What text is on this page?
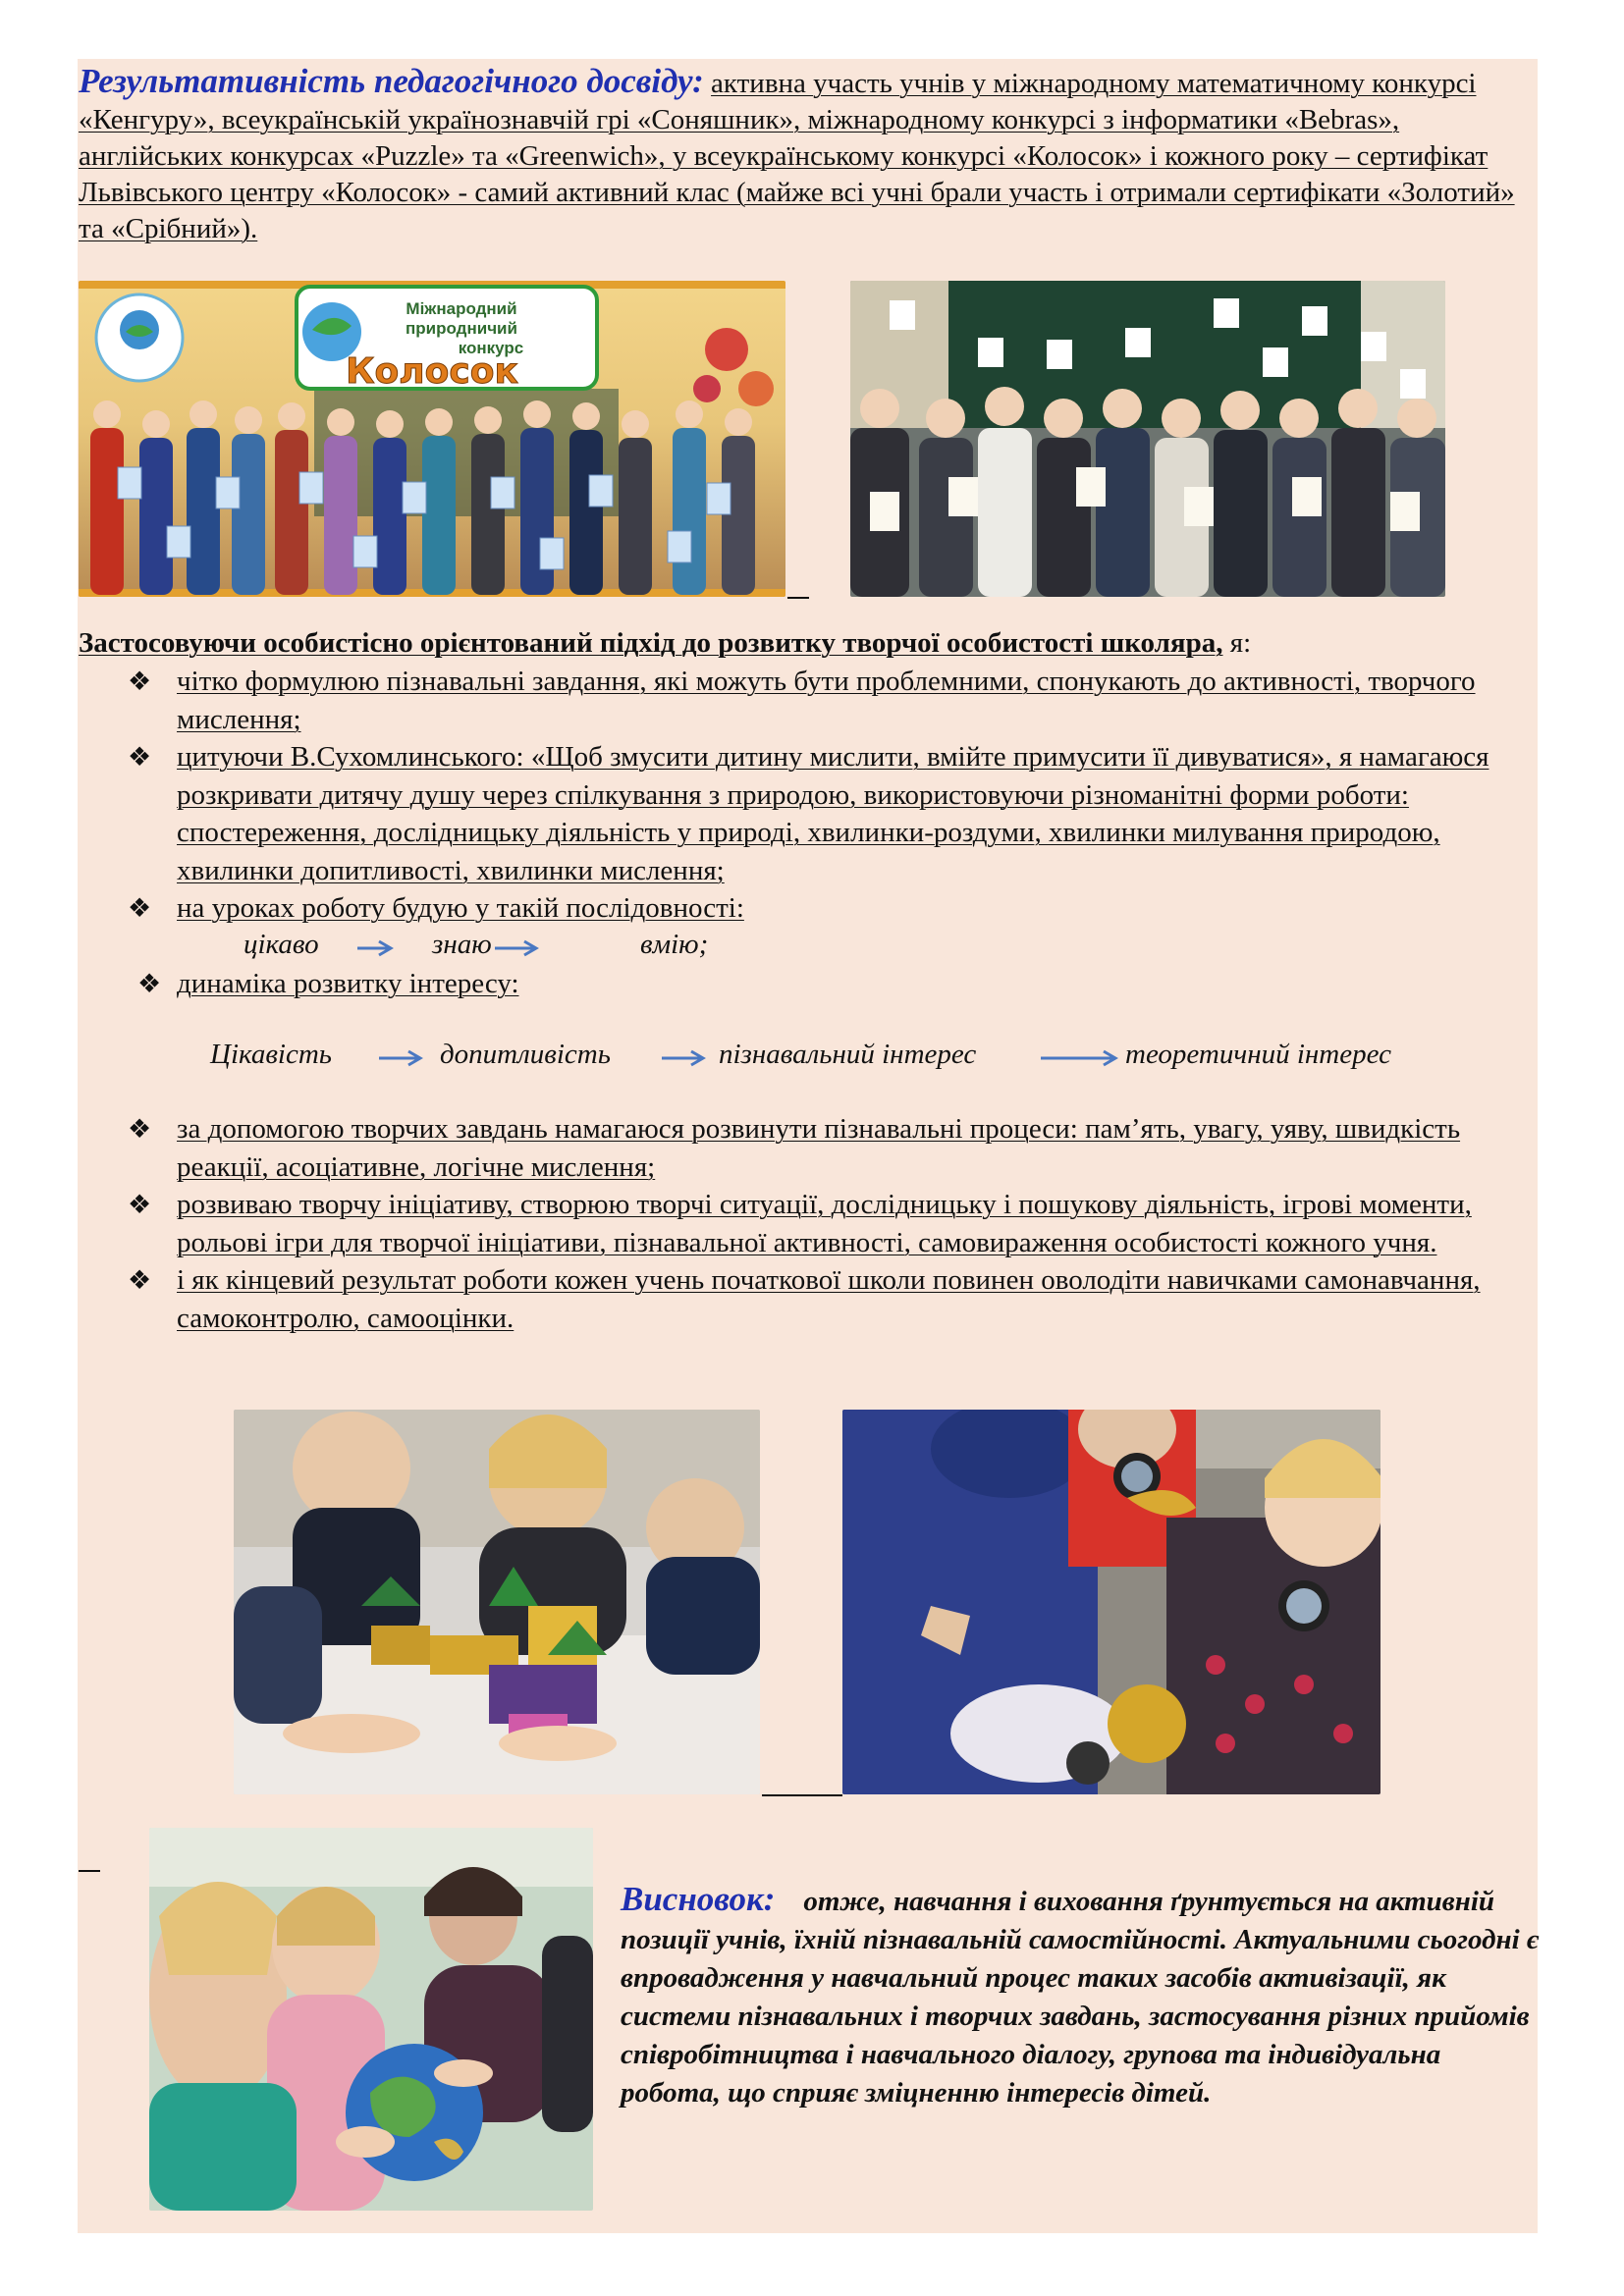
Результативність педагогічного досвіду: активна участь учнів у міжнародному математичному конкурсі «Кенгуру», всеукраїнській українознавчій грі «Соняшник», міжнародному конкурсі з інформатики «Bebras», англійських конкурсах «Puzzle» та «Greenwich», у всеукраїнському конкурсі «Колосок» і кожного року – сертифікат Львівського центру «Колосок» - самий активний клас (майже всі учні брали участь і отримали сертифікати «Золотий» та «Срібний»).
Міжнародний
природничий
конкурс
Колосок
Застосовуючи особистісно орієнтований підхід до розвитку творчої особистості школяра, я:
❖ чітко формулюю пізнавальні завдання, які можуть бути проблемними, спонукають до активності, творчого мислення;
❖ цитуючи В.Сухомлинського: «Щоб змусити дитину мислити, вмійте примусити її дивуватися», я намагаюся розкривати дитячу душу через спілкування з природою, використовуючи різноманітні форми роботи: спостереження, дослідницьку діяльність у природі, хвилинки-роздуми, хвилинки милування природою, хвилинки допитливості, хвилинки мислення;
❖ на уроках роботу будую у такій послідовності:
цікаво	знаю	вмію;
❖ динаміка розвитку інтересу:
Цікавість	допитливість	пізнавальний інтерес	теоретичний інтерес
❖ за допомогою творчих завдань намагаюся розвинути пізнавальні процеси: пам’ять, увагу, уяву, швидкість реакції, асоціативне, логічне мислення;
❖ розвиваю творчу ініціативу, створюю творчі ситуації, дослідницьку і пошукову діяльність, ігрові моменти, рольові ігри для творчої ініціативи, пізнавальної активності, самовираження особистості кожного учня.
❖ і як кінцевий результат роботи кожен учень початкової школи повинен оволодіти навичками самонавчання, самоконтролю, самооцінки.
Висновок: отже, навчання і виховання ґрунтується на активній позиції учнів, їхній пізнавальній самостійності. Актуальними сьогодні є впровадження у навчальний процес таких засобів активізації, як системи пізнавальних і творчих завдань, застосування різних прийомів співробітництва і навчального діалогу, групова та індивідуальна робота, що сприяє зміцненню інтересів дітей.
